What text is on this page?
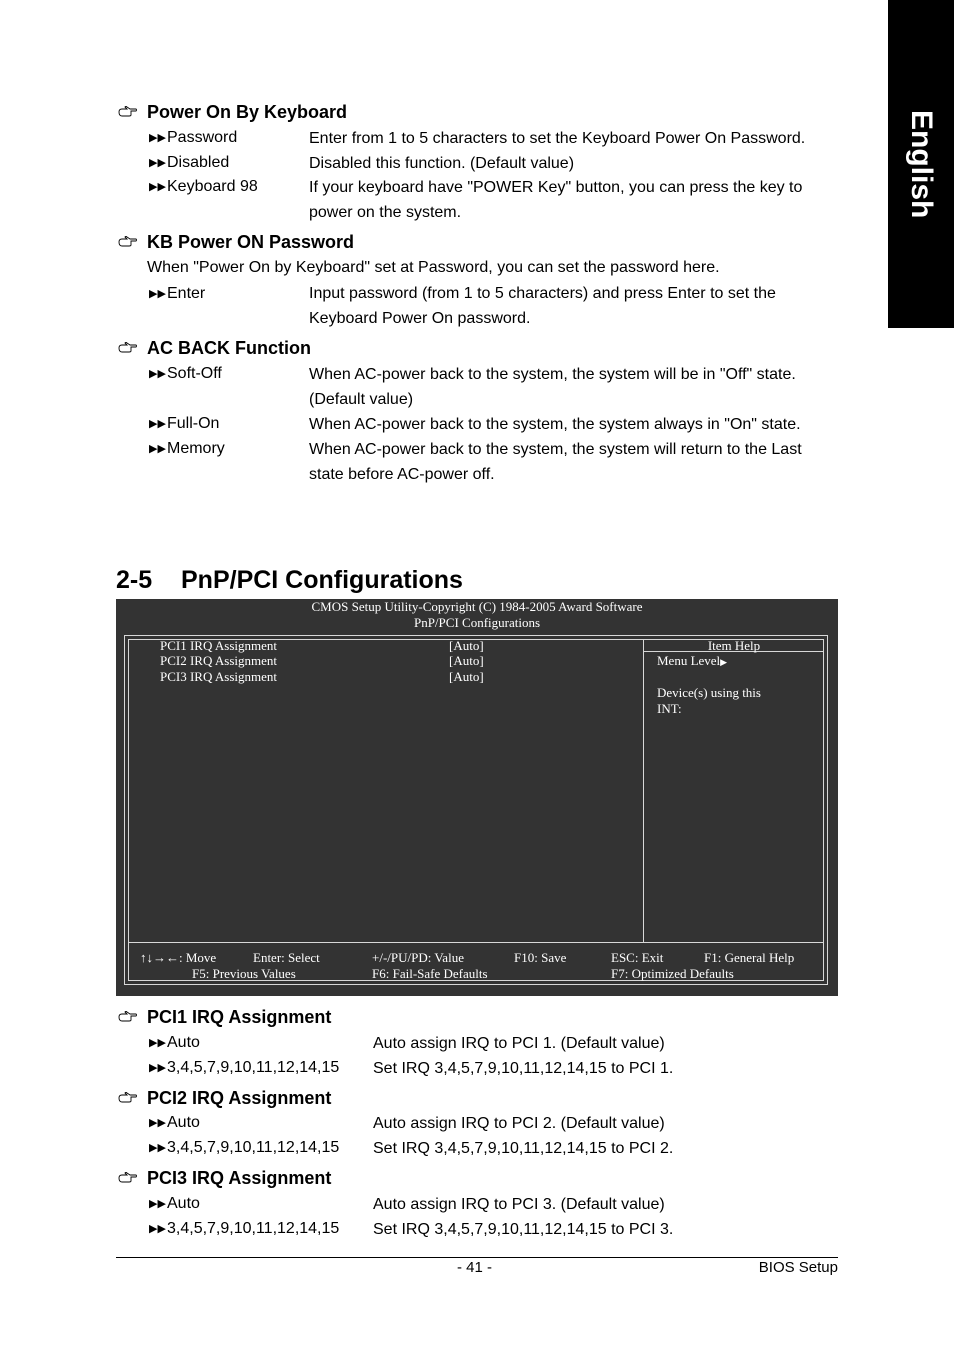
English
Power On By Keyboard
▶▶Password	Enter from 1 to 5 characters to set the Keyboard Power On Password.
▶▶Disabled	Disabled this function. (Default value)
▶▶Keyboard 98	If your keyboard have "POWER Key" button, you can press the key to power on the system.
KB Power ON Password
When "Power On by Keyboard" set at Password, you can set the password here.
▶▶Enter	Input password (from 1 to 5 characters) and press Enter to set the Keyboard Power On password.
AC BACK Function
▶▶Soft-Off	When AC-power back to the system, the system will be in "Off" state. (Default value)
▶▶Full-On	When AC-power back to the system, the system always in "On" state.
▶▶Memory	When AC-power back to the system, the system will return to the Last state before AC-power off.
2-5 PnP/PCI Configurations
CMOS Setup Utility-Copyright (C) 1984-2005 Award Software
PnP/PCI Configurations
PCI1 IRQ Assignment	[Auto]
PCI2 IRQ Assignment	[Auto]
PCI3 IRQ Assignment	[Auto]
Item Help
Menu Level▶
Device(s) using this
INT:
↑↓→←: Move	Enter: Select	+/-/PU/PD: Value	F10: Save	ESC: Exit	F1: General Help
F5: Previous Values	F6: Fail-Safe Defaults	F7: Optimized Defaults
PCI1 IRQ Assignment
▶▶Auto	Auto assign IRQ to PCI 1. (Default value)
▶▶3,4,5,7,9,10,11,12,14,15 Set IRQ 3,4,5,7,9,10,11,12,14,15 to PCI 1.
PCI2 IRQ Assignment
▶▶Auto	Auto assign IRQ to PCI 2. (Default value)
▶▶3,4,5,7,9,10,11,12,14,15 Set IRQ 3,4,5,7,9,10,11,12,14,15 to PCI 2.
PCI3 IRQ Assignment
▶▶Auto	Auto assign IRQ to PCI 3. (Default value)
▶▶3,4,5,7,9,10,11,12,14,15 Set IRQ 3,4,5,7,9,10,11,12,14,15 to PCI 3.
- 41 -	BIOS Setup
